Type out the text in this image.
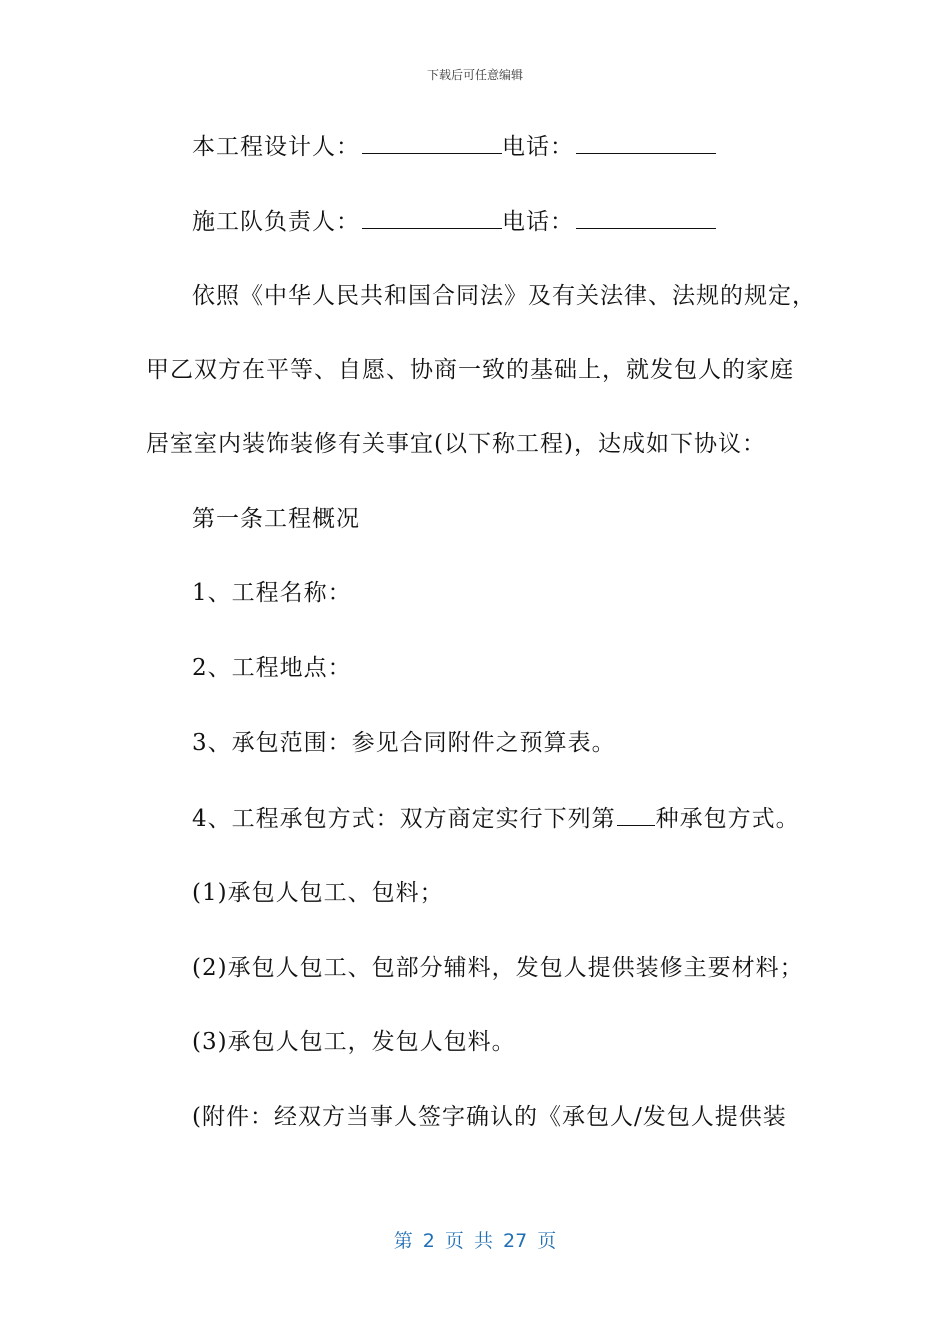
下载后可任意编辑
本工程设计人：	电话：
施工队负责人：	电话：
依照《中华人民共和国合同法》及有关法律、法规的规定，
甲乙双方在平等、自愿、协商一致的基础上，就发包人的家庭
居室室内装饰装修有关事宜(以下称工程)，达成如下协议：
第一条工程概况
1、工程名称：
2、工程地点：
3、承包范围：参见合同附件之预算表。
4、工程承包方式：双方商定实行下列第 种承包方式。
(1)承包人包工、包料；
(2)承包人包工、包部分辅料，发包人提供装修主要材料；
(3)承包人包工，发包人包料。
(附件：经双方当事人签字确认的《承包人/发包人提供装
第 2 页 共 27 页
